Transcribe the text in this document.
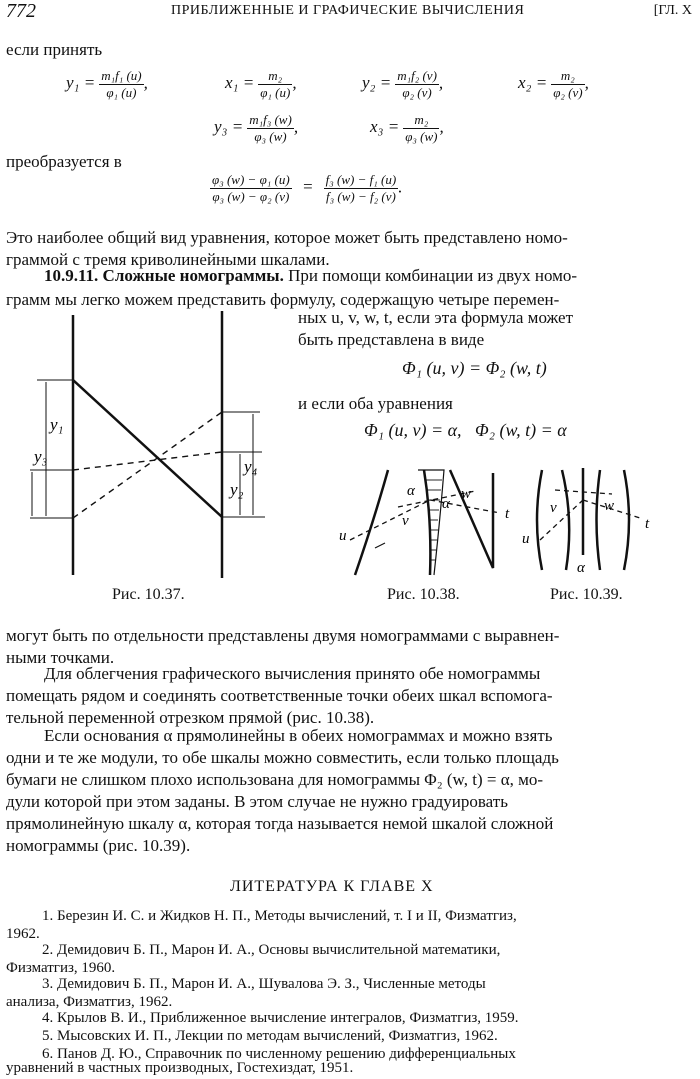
772	ПРИБЛИЖЕННЫЕ И ГРАФИЧЕСКИЕ ВЫЧИСЛЕНИЯ	[ГЛ. X
если принять
$y_1 = \frac{\text{m₁f₁ (u)}}{\text{φ₁ (u)}}$ ,	$x_1 = \frac{\text{m₂}}{\text{φ₁ (u)}}$ ,	$y_2 = \frac{\text{m₁f₂ (v)}}{\text{φ₂ (v)}}$ ,	$x_2 = \frac{\text{m₂}}{\text{φ₂ (v)}}$ ,
$y_3 = \frac{\text{m₁f₃ (w)}}{\text{φ₃ (w)}}$ ,	$x_3 = \frac{\text{m₂}}{\text{φ₃ (w)}}$ ,
преобразуется в
$\frac{\text{φ₃ (w) − φ₁ (u)}}{\text{φ₃ (w) − φ₂ (v)}} = \frac{\text{f₃ (w) − f₁ (u)}}{\text{f₃ (w) − f₂ (v)}}$ .
Это наиболее общий вид уравнения, которое может быть представлено номо-
граммой с тремя криволинейными шкалами.
10.9.11. Сложные номограммы. При помощи комбинации из двух номо-
грамм мы легко можем представить формулу, содержащую четыре перемен-
ных u, v, w, t, если эта формула может
быть представлена в виде
Φ₁ (u, v) = Φ₂ (w, t)
и если оба уравнения
Φ₁ (u, v) = α,   Φ₂ (w, t) = α
y₁
y₃
y₄
y₂
Рис. 10.37.
α
α
w
t
v
u
Рис. 10.38.
v	w
t
u
α
Рис. 10.39.
могут быть по отдельности представлены двумя номограммами с выравнен-
ными точками.
Для облегчения графического вычисления принято обе номограммы
помещать рядом и соединять соответственные точки обеих шкал вспомога-
тельной переменной отрезком прямой (рис. 10.38).
Если основания α прямолинейны в обеих номограммах и можно взять
одни и те же модули, то обе шкалы можно совместить, если только площадь
бумаги не слишком плохо использована для номограммы Φ₂ (w, t) = α, мо-
дули которой при этом заданы. В этом случае не нужно градуировать
прямолинейную шкалу α, которая тогда называется немой шкалой сложной
номограммы (рис. 10.39).
ЛИТЕРАТУРА К ГЛАВЕ X
1. Березин И. С. и Жидков Н. П., Методы вычислений, т. I и II, Физматгиз,
1962.
2. Демидович Б. П., Марон И. А., Основы вычислительной математики,
Физматгиз, 1960.
3. Демидович Б. П., Марон И. А., Шувалова Э. З., Численные методы
анализа, Физматгиз, 1962.
4. Крылов В. И., Приближенное вычисление интегралов, Физматгиз, 1959.
5. Мысовских И. П., Лекции по методам вычислений, Физматгиз, 1962.
6. Панов Д. Ю., Справочник по численному решению дифференциальных
уравнений в частных производных, Гостехиздат, 1951.
